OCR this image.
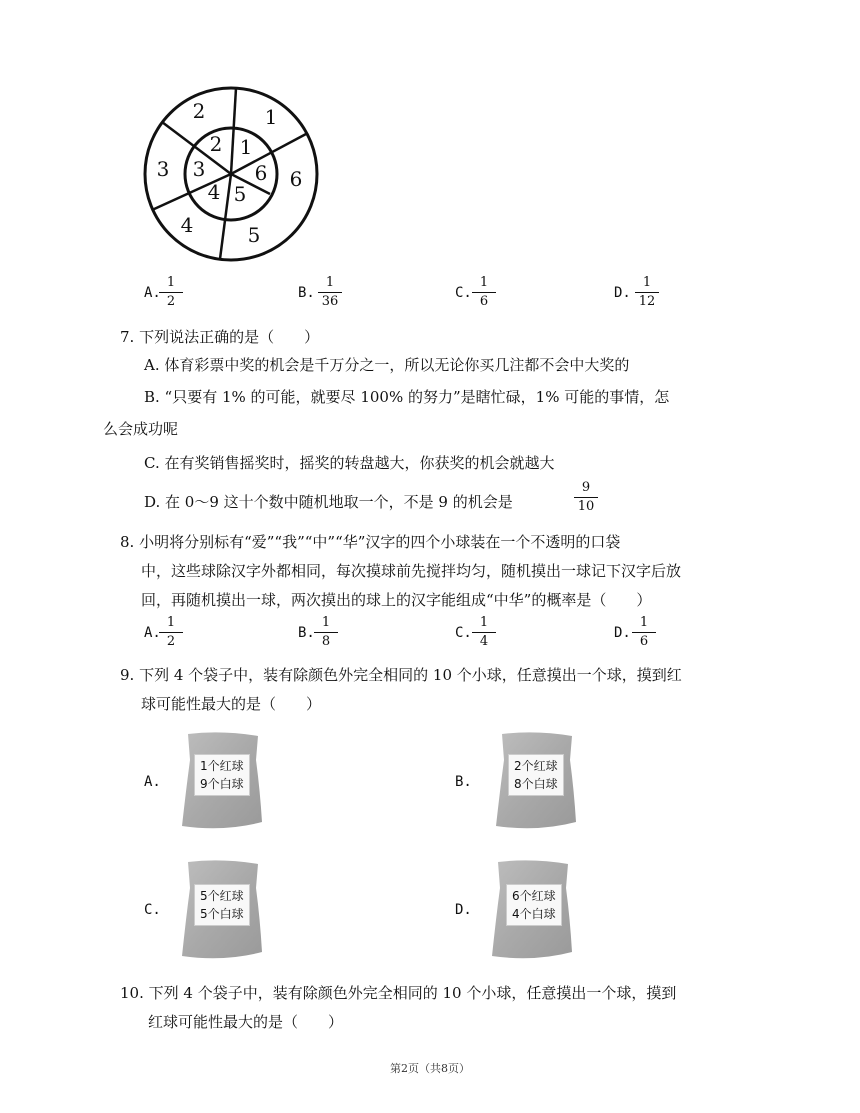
1
6
5
4
3
2
1
6
5
4
3
2
A.
$\frac{1}{2}$	B. $\frac{1}{36}$	C. $\frac{1}{6}$	D. $\frac{1}{12}$
7. 下列说法正确的是（　　）
A. 体育彩票中奖的机会是千万分之一，所以无论你买几注都不会中大奖的
B. “只要有 1% 的可能，就要尽 100% 的努力”是瞎忙碌，1% 可能的事情，怎
么会成功呢
C. 在有奖销售摇奖时，摇奖的转盘越大，你获奖的机会就越大
D. 在 0～9 这十个数中随机地取一个，不是 9 的机会是	$\frac{9}{10}$
8. 小明将分别标有“爱”“我”“中”“华”汉字的四个小球装在一个不透明的口袋
中，这些球除汉字外都相同，每次摸球前先搅拌均匀，随机摸出一球记下汉字后放
回，再随机摸出一球，两次摸出的球上的汉字能组成“中华”的概率是（　　）
A.
$\frac{1}{2}$	B. $\frac{1}{8}$	C. $\frac{1}{4}$	D. $\frac{1}{6}$
9. 下列 4 个袋子中，装有除颜色外完全相同的 10 个小球，任意摸出一个球，摸到红
球可能性最大的是（　　）
A.
1个红球
9个白球	B.
2个红球
8个白球
C.
5个红球
5个白球	D.
6个红球
4个白球
10. 下列 4 个袋子中，装有除颜色外完全相同的 10 个小球，任意摸出一个球，摸到
红球可能性最大的是（　　）
第2页（共8页）
